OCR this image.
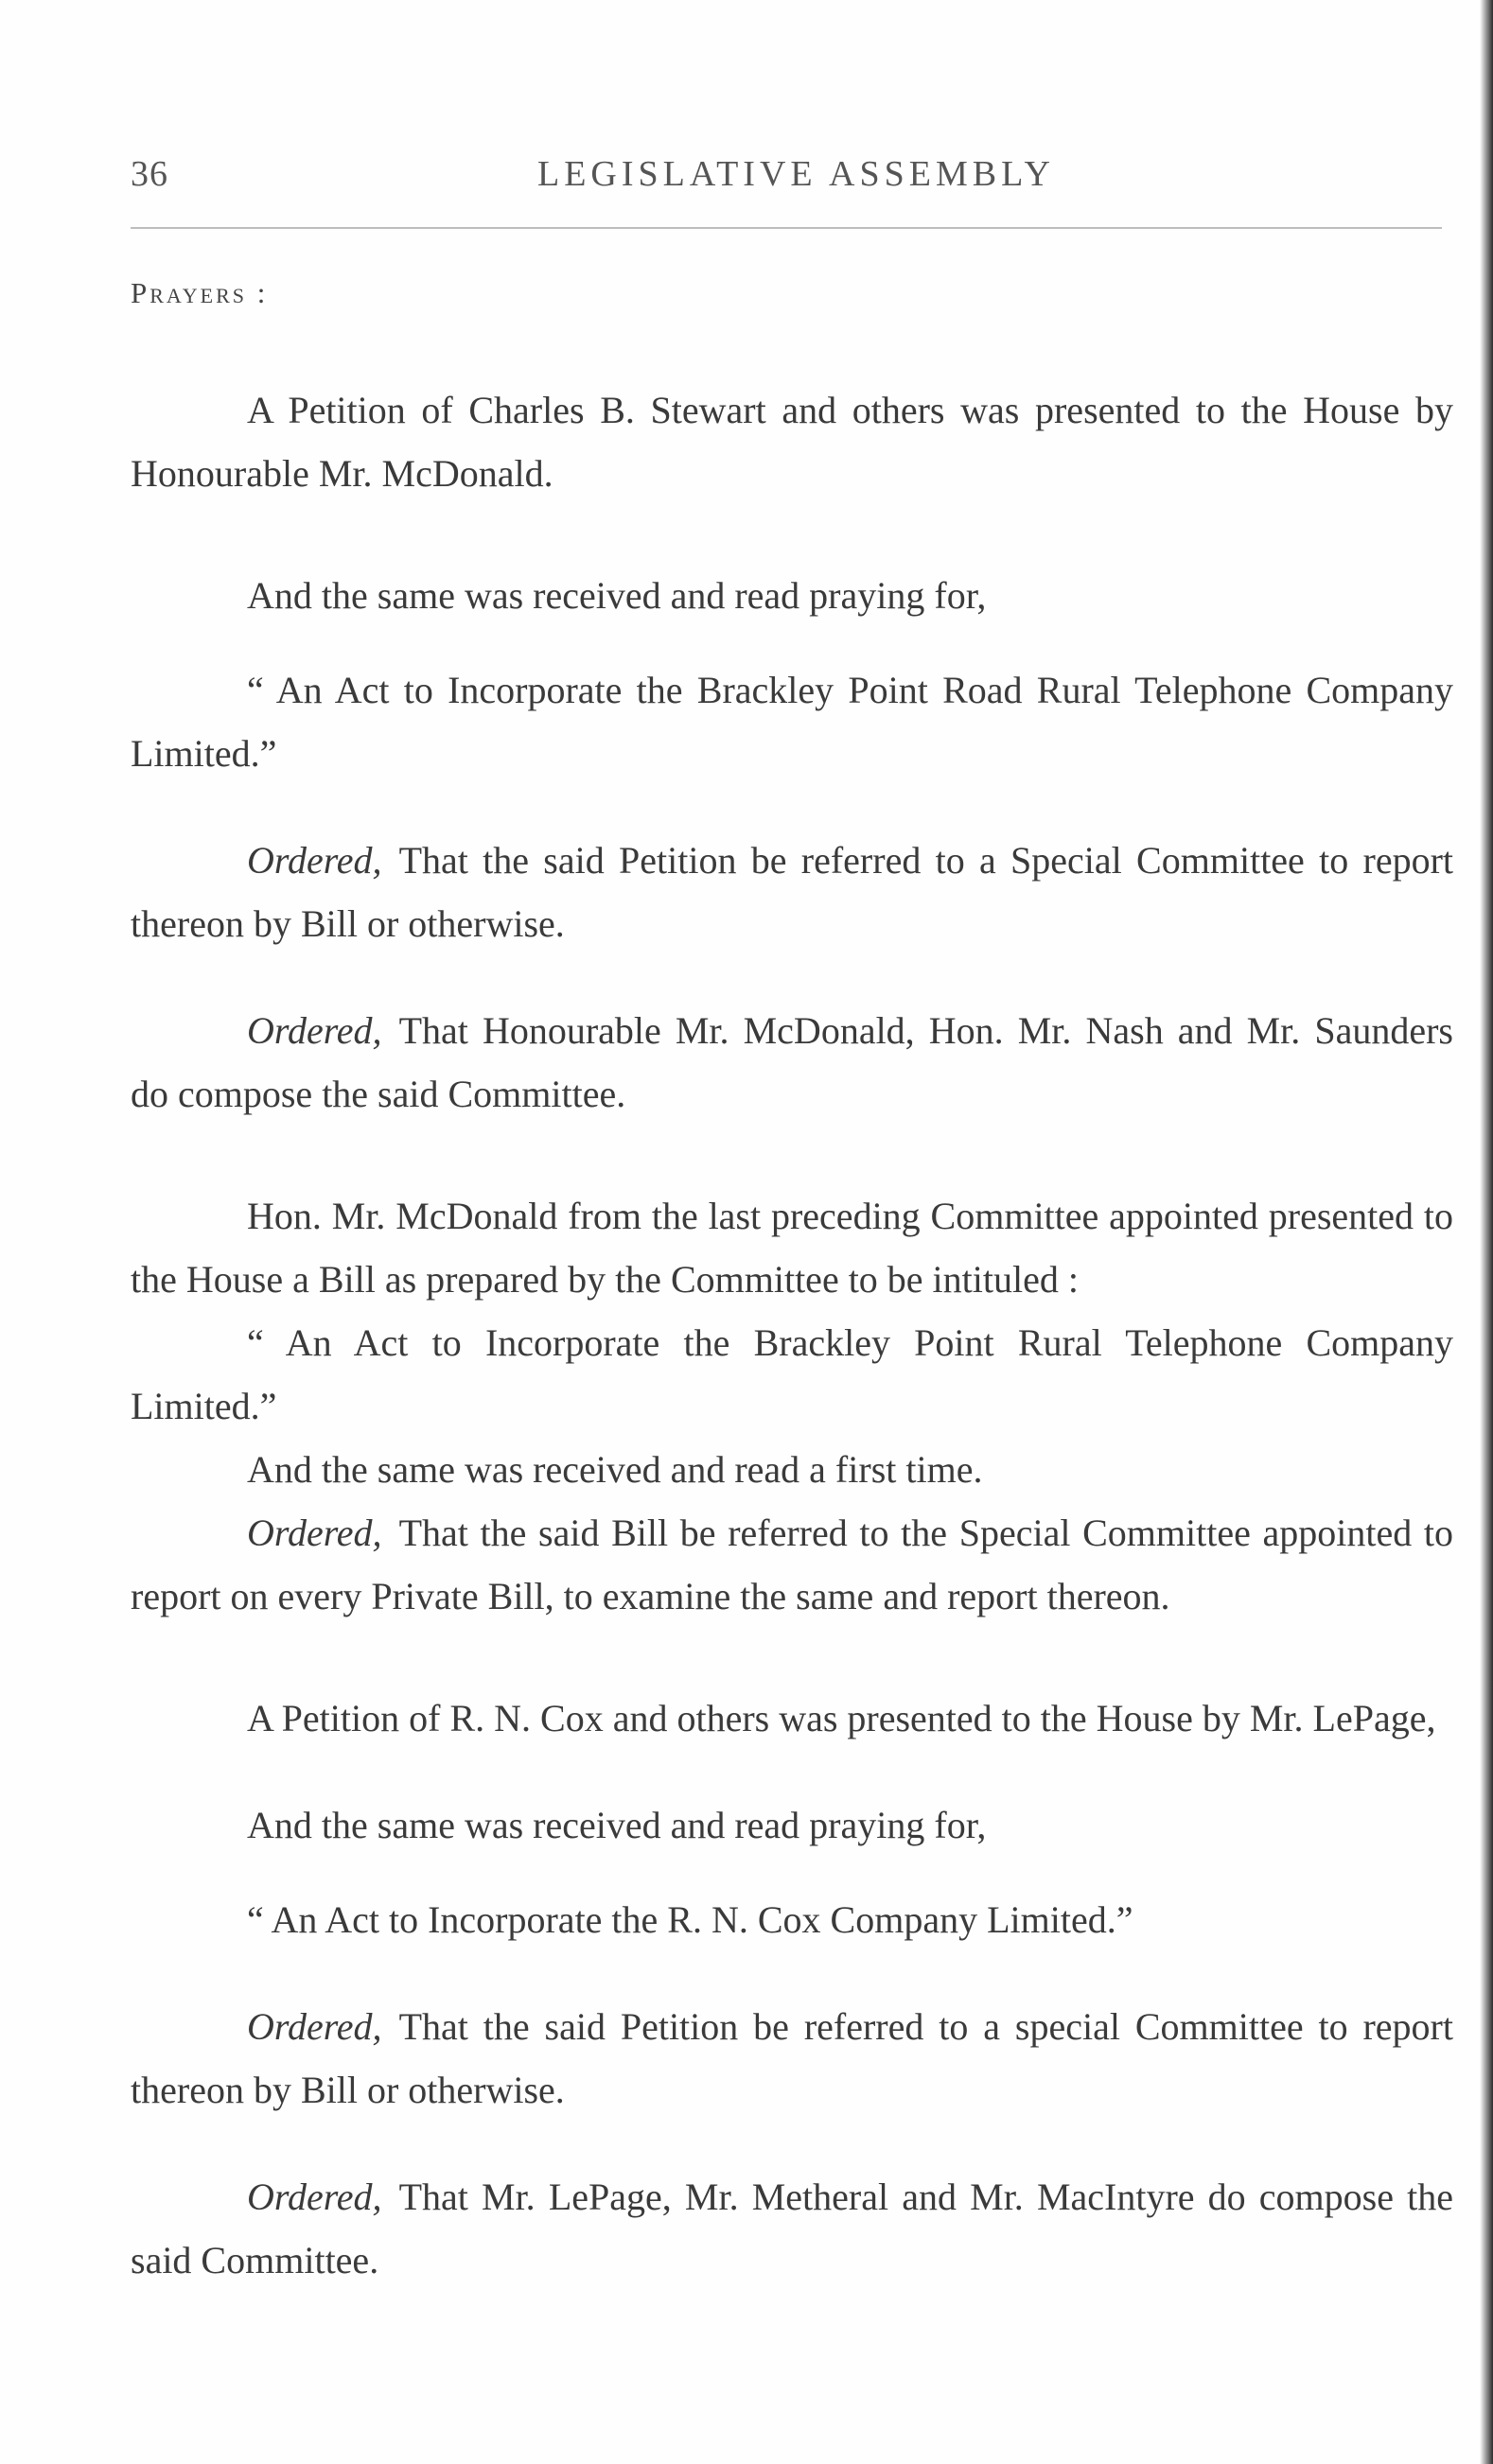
36	LEGISLATIVE ASSEMBLY
Prayers :

A Petition of Charles B. Stewart and others was presented to the House by Honourable Mr. McDonald.

And the same was received and read praying for,

“ An Act to Incorporate the Brackley Point Road Rural Telephone Company Limited.”

Ordered, That the said Petition be referred to a Special Committee to report thereon by Bill or otherwise.

Ordered, That Honourable Mr. McDonald, Hon. Mr. Nash and Mr. Saunders do compose the said Committee.

Hon. Mr. McDonald from the last preceding Committee appointed presented to the House a Bill as prepared by the Committee to be intituled :

“ An Act to Incorporate the Brackley Point Rural Telephone Company Limited.”

And the same was received and read a first time.

Ordered, That the said Bill be referred to the Special Committee appointed to report on every Private Bill, to examine the same and report thereon.

A Petition of R. N. Cox and others was presented to the House by Mr. LePage,

And the same was received and read praying for,

“ An Act to Incorporate the R. N. Cox Company Limited.”

Ordered, That the said Petition be referred to a special Committee to report thereon by Bill or otherwise.

Ordered, That Mr. LePage, Mr. Metheral and Mr. MacIntyre do compose the said Committee.
